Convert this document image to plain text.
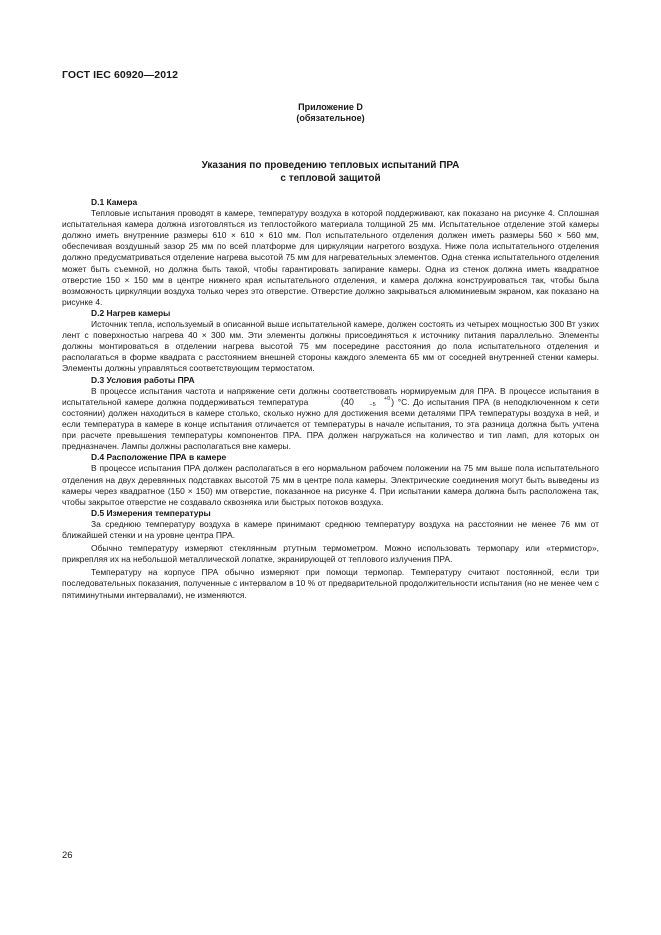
ГОСТ IEC 60920—2012
Приложение D
(обязательное)
Указания по проведению тепловых испытаний ПРА
с тепловой защитой
D.1 Камера

Тепловые испытания проводят в камере, температуру воздуха в которой поддерживают, как показано на рисунке 4. Сплошная испытательная камера должна изготовляться из теплостойкого материала толщиной 25 мм. Испытательное отделение этой камеры должно иметь внутренние размеры 610 × 610 × 610 мм. Пол испытательного отделения должен иметь размеры 560 × 560 мм, обеспечивая воздушный зазор 25 мм по всей платформе для циркуляции нагретого воздуха. Ниже пола испытательного отделения должно предусматриваться отделение нагрева высотой 75 мм для нагревательных элементов. Одна стенка испытательного отделения может быть съемной, но должна быть такой, чтобы гарантировать запирание камеры. Одна из стенок должна иметь квадратное отверстие 150 × 150 мм в центре нижнего края испытательного отделения, и камера должна конструироваться так, чтобы была возможность циркуляции воздуха только через это отверстие. Отверстие должно закрываться алюминиевым экраном, как показано на рисунке 4.

D.2 Нагрев камеры

Источник тепла, используемый в описанной выше испытательной камере, должен состоять из четырех мощностью 300 Вт узких лент с поверхностью нагрева 40 × 300 мм. Эти элементы должны присоединяться к источнику питания параллельно. Элементы должны монтироваться в отделении нагрева высотой 75 мм посередине расстояния до пола испытательного отделения и располагаться в форме квадрата с расстоянием внешней стороны каждого элемента 65 мм от соседней внутренней стенки камеры. Элементы должны управляться соответствующим термостатом.

D.3 Условия работы ПРА

В процессе испытания частота и напряжение сети должны соответствовать нормируемым для ПРА. В процессе испытания в испытательной камере должна поддерживаться температура	(40	+0
−5 ) °С. До испытания ПРА (в неподключенном к сети состоянии) должен находиться в камере столько, сколько нужно для достижения всеми деталями ПРА температуры воздуха в ней, и если температура в камере в конце испытания отличается от температуры в начале испытания, то эта разница должна быть учтена при расчете превышения температуры компонентов ПРА. ПРА должен нагружаться на количество и тип ламп, для которых он предназначен. Лампы должны располагаться вне камеры.

D.4 Расположение ПРА в камере

В процессе испытания ПРА должен располагаться в его нормальном рабочем положении на 75 мм выше пола испытательного отделения на двух деревянных подставках высотой 75 мм в центре пола камеры. Электрические соединения могут быть выведены из камеры через квадратное (150 × 150) мм отверстие, показанное на рисунке 4. При испытании камера должна быть расположена так, чтобы закрытое отверстие не создавало сквозняка или быстрых потоков воздуха.

D.5 Измерения температуры

За среднюю температуру воздуха в камере принимают среднюю температуру воздуха на расстоянии не менее 76 мм от ближайшей стенки и на уровне центра ПРА.

Обычно температуру измеряют стеклянным ртутным термометром. Можно использовать термопару или «термистор», прикрепляя их на небольшой металлической лопатке, экранирующей от теплового излучения ПРА.

Температуру на корпусе ПРА обычно измеряют при помощи термопар. Температуру считают постоянной, если три последовательных показания, полученные с интервалом в 10 % от предварительной продолжительности испытания (но не менее чем с пятиминутными интервалами), не изменяются.

26
